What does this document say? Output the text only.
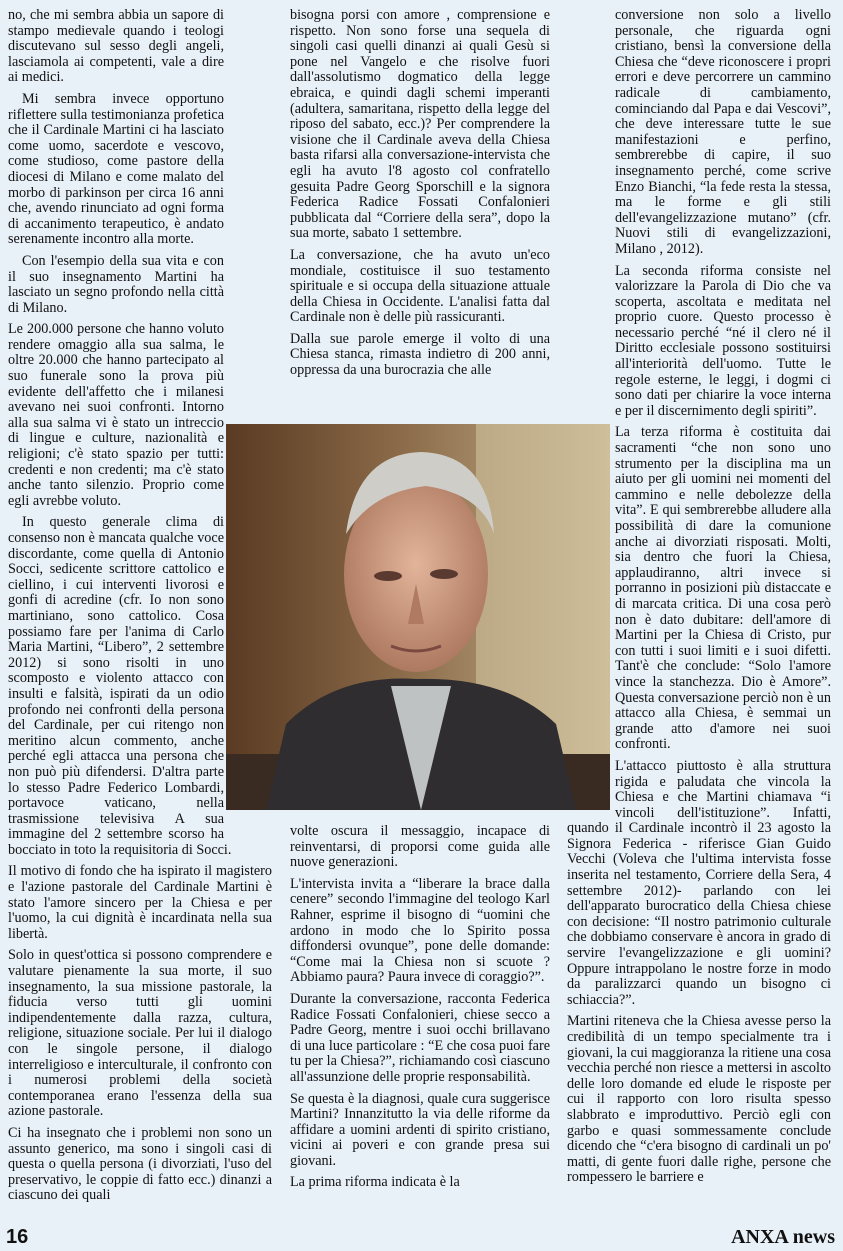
no, che mi sembra abbia un sapore di stampo medievale quando i teologi discutevano sul sesso degli angeli, lasciamola ai competenti, vale a dire ai medici.

Mi sembra invece opportuno riflettere sulla testimonianza profetica che il Cardinale Martini ci ha lasciato come uomo, sacerdote e vescovo, come studioso, come pastore della diocesi di Milano e come malato del morbo di parkinson per circa 16 anni che, avendo rinunciato ad ogni forma di accanimento terapeutico, è andato serenamente incontro alla morte.

Con l'esempio della sua vita e con il suo insegnamento Martini ha lasciato un segno profondo nella città di Milano.

Le 200.000 persone che hanno voluto rendere omaggio alla sua salma, le oltre 20.000 che hanno partecipato al suo funerale sono la prova più evidente dell'affetto che i milanesi avevano nei suoi confronti. Intorno alla sua salma vi è stato un intreccio di lingue e culture, nazionalità e religioni; c'è stato spazio per tutti: credenti e non credenti; ma c'è stato anche tanto silenzio. Proprio come egli avrebbe voluto.

In questo generale clima di consenso non è mancata qualche voce discordante, come quella di Antonio Socci, sedicente scrittore cattolico e ciellino, i cui interventi livorosi e gonfi di acredine (cfr. Io non sono martiniano, sono cattolico. Cosa possiamo fare per l'anima di Carlo Maria Martini, “Libero”, 2 settembre 2012) si sono risolti in uno scomposto e violento attacco con insulti e falsità, ispirati da un odio profondo nei confronti della persona del Cardinale, per cui ritengo non meritino alcun commento, anche perché egli attacca una persona che non può più difendersi. D'altra parte lo stesso Padre Federico Lombardi, portavoce vaticano, nella trasmissione televisiva A sua immagine del 2 settembre scorso ha bocciato in toto la requisitoria di Socci.

Il motivo di fondo che ha ispirato il magistero e l'azione pastorale del Cardinale Martini è stato l'amore sincero per la Chiesa e per l'uomo, la cui dignità è incardinata nella sua libertà.

Solo in quest'ottica si possono comprendere e valutare pienamente la sua morte, il suo insegnamento, la sua missione pastorale, la fiducia verso tutti gli uomini indipendentemente dalla razza, cultura, religione, situazione sociale. Per lui il dialogo con le singole persone, il dialogo interreligioso e interculturale, il confronto con i numerosi problemi della società contemporanea erano l'essenza della sua azione pastorale.

Ci ha insegnato che i problemi non sono un assunto generico, ma sono i singoli casi di questa o quella persona (i divorziati, l'uso del preservativo, le coppie di fatto ecc.) dinanzi a ciascuno dei quali

bisogna porsi con amore , comprensione e rispetto. Non sono forse una sequela di singoli casi quelli dinanzi ai quali Gesù si pone nel Vangelo e che risolve fuori dall'assolutismo dogmatico della legge ebraica, e quindi dagli schemi imperanti (adultera, samaritana, rispetto della legge del riposo del sabato, ecc.)? Per comprendere la visione che il Cardinale aveva della Chiesa basta rifarsi alla conversazione-intervista che egli ha avuto l'8 agosto col confratello gesuita Padre Georg Sporschill e la signora Federica Radice Fossati Confalonieri pubblicata dal “Corriere della sera”, dopo la sua morte, sabato 1 settembre.

La conversazione, che ha avuto un'eco mondiale, costituisce il suo testamento spirituale e si occupa della situazione attuale della Chiesa in Occidente. L'analisi fatta dal Cardinale non è delle più rassicuranti.

Dalla sue parole emerge il volto di una Chiesa stanca, rimasta indietro di 200 anni, oppressa da una burocrazia che alle

volte oscura il messaggio, incapace di reinventarsi, di proporsi come guida alle nuove generazioni.

L'intervista invita a “liberare la brace dalla cenere” secondo l'immagine del teologo Karl Rahner, esprime il bisogno di “uomini che ardono in modo che lo Spirito possa diffondersi ovunque”, pone delle domande: “Come mai la Chiesa non si scuote ? Abbiamo paura? Paura invece di coraggio?”.

Durante la conversazione, racconta Federica Radice Fossati Confalonieri, chiese secco a Padre Georg, mentre i suoi occhi brillavano di una luce particolare : “E che cosa puoi fare tu per la Chiesa?”, richiamando così ciascuno all'assunzione delle proprie responsabilità.

Se questa è la diagnosi, quale cura suggerisce Martini? Innanzitutto la via delle riforme da affidare a uomini ardenti di spirito cristiano, vicini ai poveri e con grande presa sui giovani.

La prima riforma indicata è la

conversione non solo a livello personale, che riguarda ogni cristiano, bensì la conversione della Chiesa che “deve riconoscere i propri errori e deve percorrere un cammino radicale di cambiamento, cominciando dal Papa e dai Vescovi”, che deve interessare tutte le sue manifestazioni e perfino, sembrerebbe di capire, il suo insegnamento perché, come scrive Enzo Bianchi, “la fede resta la stessa, ma le forme e gli stili dell'evangelizzazione mutano” (cfr. Nuovi stili di evangelizzazioni, Milano , 2012).

La seconda riforma consiste nel valorizzare la Parola di Dio che va scoperta, ascoltata e meditata nel proprio cuore. Questo processo è necessario perché “né il clero né il Diritto ecclesiale possono sostituirsi all'interiorità dell'uomo. Tutte le regole esterne, le leggi, i dogmi ci sono dati per chiarire la voce interna e per il discernimento degli spiriti”.

La terza riforma è costituita dai sacramenti “che non sono uno strumento per la disciplina ma un aiuto per gli uomini nei momenti del cammino e nelle debolezze della vita”. E qui sembrerebbe alludere alla possibilità di dare la comunione anche ai divorziati risposati. Molti, sia dentro che fuori la Chiesa, applaudiranno, altri invece si porranno in posizioni più distaccate e di marcata critica. Di una cosa però non è dato dubitare: dell'amore di Martini per la Chiesa di Cristo, pur con tutti i suoi limiti e i suoi difetti. Tant'è che conclude: “Solo l'amore vince la stanchezza. Dio è Amore”. Questa conversazione perciò non è un attacco alla Chiesa, è semmai un grande atto d'amore nei suoi confronti.

L'attacco piuttosto è alla struttura rigida e paludata che vincola la Chiesa e che Martini chiamava “i vincoli dell'istituzione”. Infatti, quando il Cardinale incontrò il 23 agosto la Signora Federica - riferisce Gian Guido Vecchi (Voleva che l'ultima intervista fosse inserita nel testamento, Corriere della Sera, 4 settembre 2012)- parlando con lei dell'apparato burocratico della Chiesa chiese con decisione: “Il nostro patrimonio culturale che dobbiamo conservare è ancora in grado di servire l'evangelizzazione e gli uomini? Oppure intrappolano le nostre forze in modo da paralizzarci quando un bisogno ci schiaccia?”.

Martini riteneva che la Chiesa avesse perso la credibilità di un tempo specialmente tra i giovani, la cui maggioranza la ritiene una cosa vecchia perché non riesce a mettersi in ascolto delle loro domande ed elude le risposte per cui il rapporto con loro risulta spesso slabbrato e improduttivo. Perciò egli con garbo e quasi sommessamente conclude dicendo che “c'era bisogno di cardinali un po' matti, di gente fuori dalle righe, persone che rompessero le barriere e

16	ANXA news
